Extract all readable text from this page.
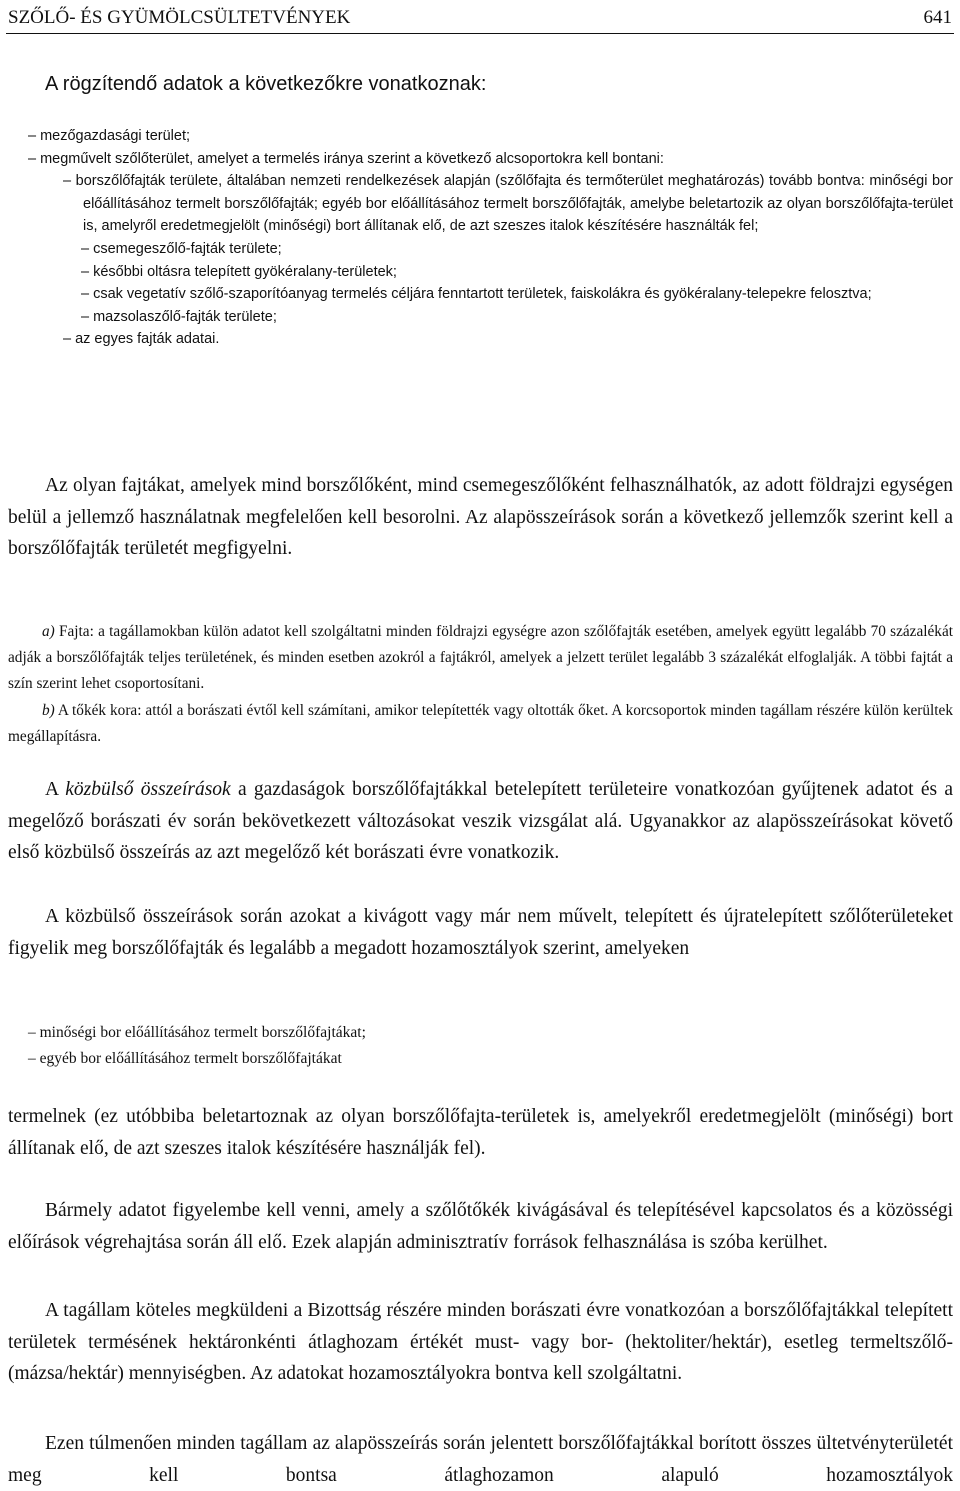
SZŐLŐ- ÉS GYÜMÖLCSÜLTETVÉNYEK	641
A rögzítendő adatok a következőkre vonatkoznak:
– mezőgazdasági terület;
– megművelt szőlőterület, amelyet a termelés iránya szerint a következő alcsoportokra kell bontani:
– borszőlőfajták területe, általában nemzeti rendelkezések alapján (szőlőfajta és termőterület meghatározás) tovább bontva: minőségi bor előállításához termelt borszőlőfajták; egyéb bor előállításához termelt borszőlőfajták, amelybe beletartozik az olyan borszőlőfajta-terület is, amelyről eredetmegjelölt (minőségi) bort állítanak elő, de azt szeszes italok készítésére használták fel;
– csemegeszőlő-fajták területe;
– későbbi oltásra telepített gyökéralany-területek;
– csak vegetatív szőlő-szaporítóanyag termelés céljára fenntartott területek, faiskolákra és gyökéralany-telepekre felosztva;
– mazsolaszőlő-fajták területe;
– az egyes fajták adatai.

Az olyan fajtákat, amelyek mind borszőlőként, mind csemegeszőlőként felhasználhatók, az adott földrajzi egységen belül a jellemző használatnak megfelelően kell besorolni. Az alapösszeírások során a következő jellemzők szerint kell a borszőlőfajták területét megfigyelni.

a) Fajta: a tagállamokban külön adatot kell szolgáltatni minden földrajzi egységre azon szőlőfajták esetében, amelyek együtt legalább 70 százalékát adják a borszőlőfajták teljes területének, és minden esetben azokról a fajtákról, amelyek a jelzett terület legalább 3 százalékát elfoglalják. A többi fajtát a szín szerint lehet csoportosítani.

b) A tőkék kora: attól a borászati évtől kell számítani, amikor telepítették vagy oltották őket. A korcsoportok minden tagállam részére külön kerültek megállapításra.

A közbülső összeírások a gazdaságok borszőlőfajtákkal betelepített területeire vonatkozóan gyűjtenek adatot és a megelőző borászati év során bekövetkezett változásokat veszik vizsgálat alá. Ugyanakkor az alapösszeírásokat követő első közbülső összeírás az azt megelőző két borászati évre vonatkozik.

A közbülső összeírások során azokat a kivágott vagy már nem művelt, telepített és újratelepített szőlőterületeket figyelik meg borszőlőfajták és legalább a megadott hozamosztályok szerint, amelyeken

– minőségi bor előállításához termelt borszőlőfajtákat;
– egyéb bor előállításához termelt borszőlőfajtákat

termelnek (ez utóbbiba beletartoznak az olyan borszőlőfajta-területek is, amelyekről eredetmegjelölt (minőségi) bort állítanak elő, de azt szeszes italok készítésére használják fel).

Bármely adatot figyelembe kell venni, amely a szőlőtőkék kivágásával és telepítésével kapcsolatos és a közösségi előírások végrehajtása során áll elő. Ezek alapján adminisztratív források felhasználása is szóba kerülhet.

A tagállam köteles megküldeni a Bizottság részére minden borászati évre vonatkozóan a borszőlőfajtákkal telepített területek termésének hektáronkénti átlaghozam értékét must- vagy bor- (hektoliter/hektár), esetleg termeltszőlő- (mázsa/hektár) mennyiségben. Az adatokat hozamosztályokra bontva kell szolgáltatni.

Ezen túlmenően minden tagállam az alapösszeírás során jelentett borszőlőfajtákkal borított összes ültetvényterületét meg kell bontsa átlaghozamon alapuló hozamosztályok
